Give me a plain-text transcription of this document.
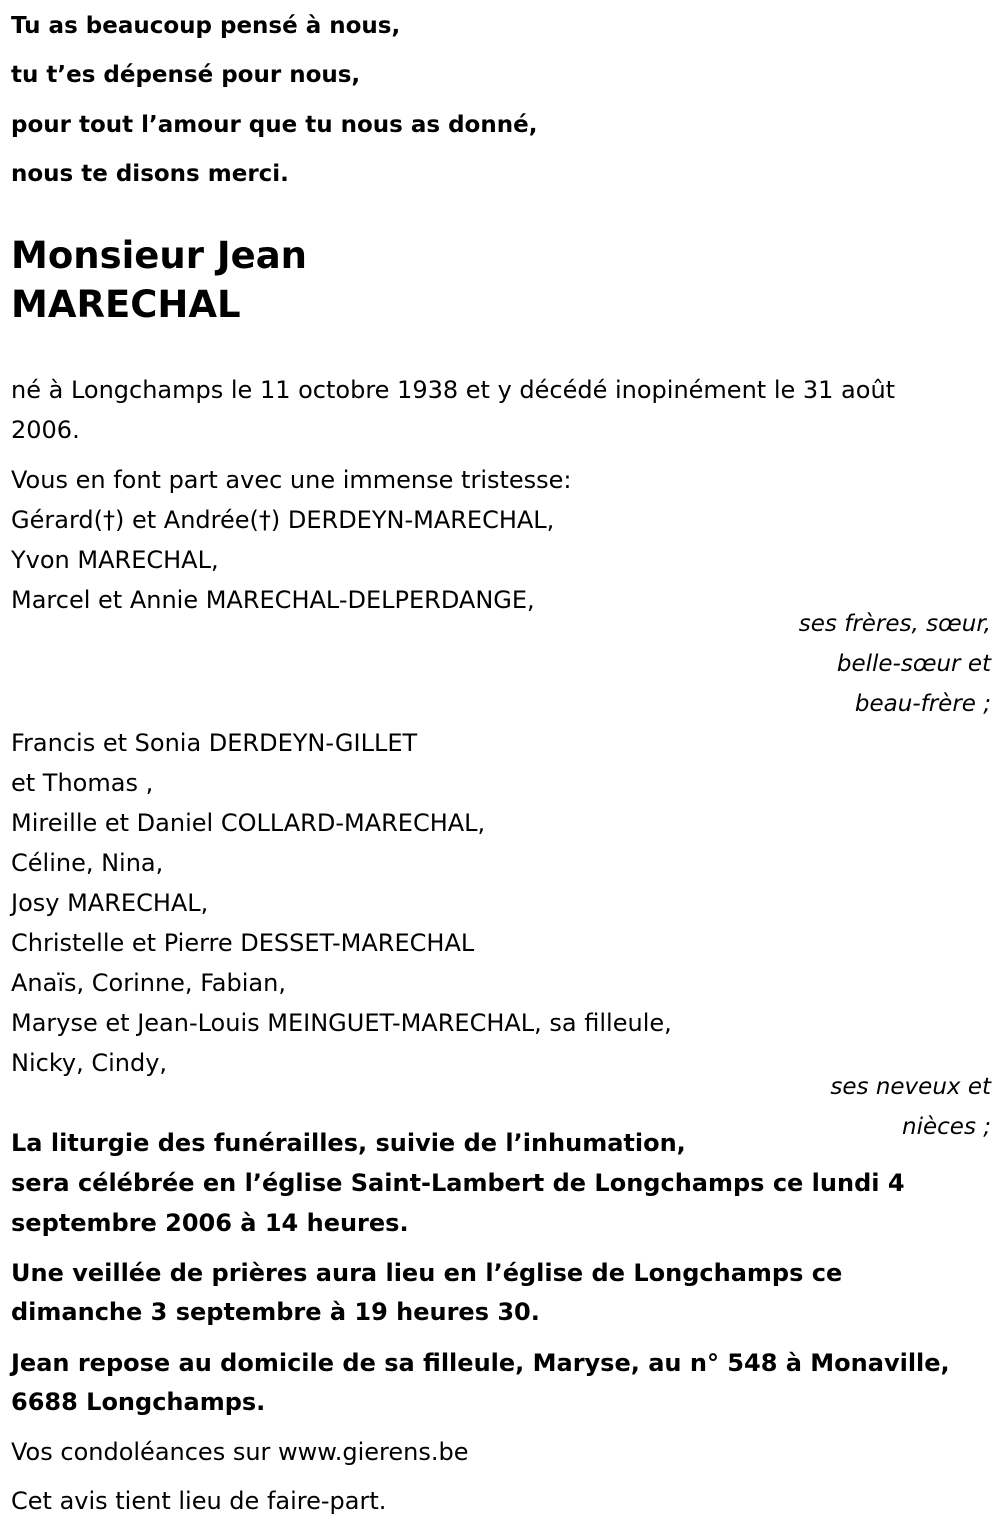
Tu as beaucoup pensé à nous,
tu t’es dépensé pour nous,
pour tout l’amour que tu nous as donné,
nous te disons merci.
Monsieur Jean
MARECHAL
né à Longchamps le 11 octobre 1938 et y décédé inopinément le 31 août
2006.
Vous en font part avec une immense tristesse:
Gérard(†) et Andrée(†) DERDEYN-MARECHAL,
Yvon MARECHAL,
Marcel et Annie MARECHAL-DELPERDANGE,
ses frères, sœur,
belle-sœur et
beau-frère ;
Francis et Sonia DERDEYN-GILLET
et Thomas ,
Mireille et Daniel COLLARD-MARECHAL,
Céline, Nina,
Josy MARECHAL,
Christelle et Pierre DESSET-MARECHAL
Anaïs, Corinne, Fabian,
Maryse et Jean-Louis MEINGUET-MARECHAL, sa filleule,
Nicky, Cindy,
ses neveux et
nièces ;
La liturgie des funérailles, suivie de l’inhumation,
sera célébrée en l’église Saint-Lambert de Longchamps ce lundi 4
septembre 2006 à 14 heures.
Une veillée de prières aura lieu en l’église de Longchamps ce
dimanche 3 septembre à 19 heures 30.
Jean repose au domicile de sa filleule, Maryse, au n° 548 à Monaville,
6688 Longchamps.
Vos condoléances sur www.gierens.be
Cet avis tient lieu de faire-part.
